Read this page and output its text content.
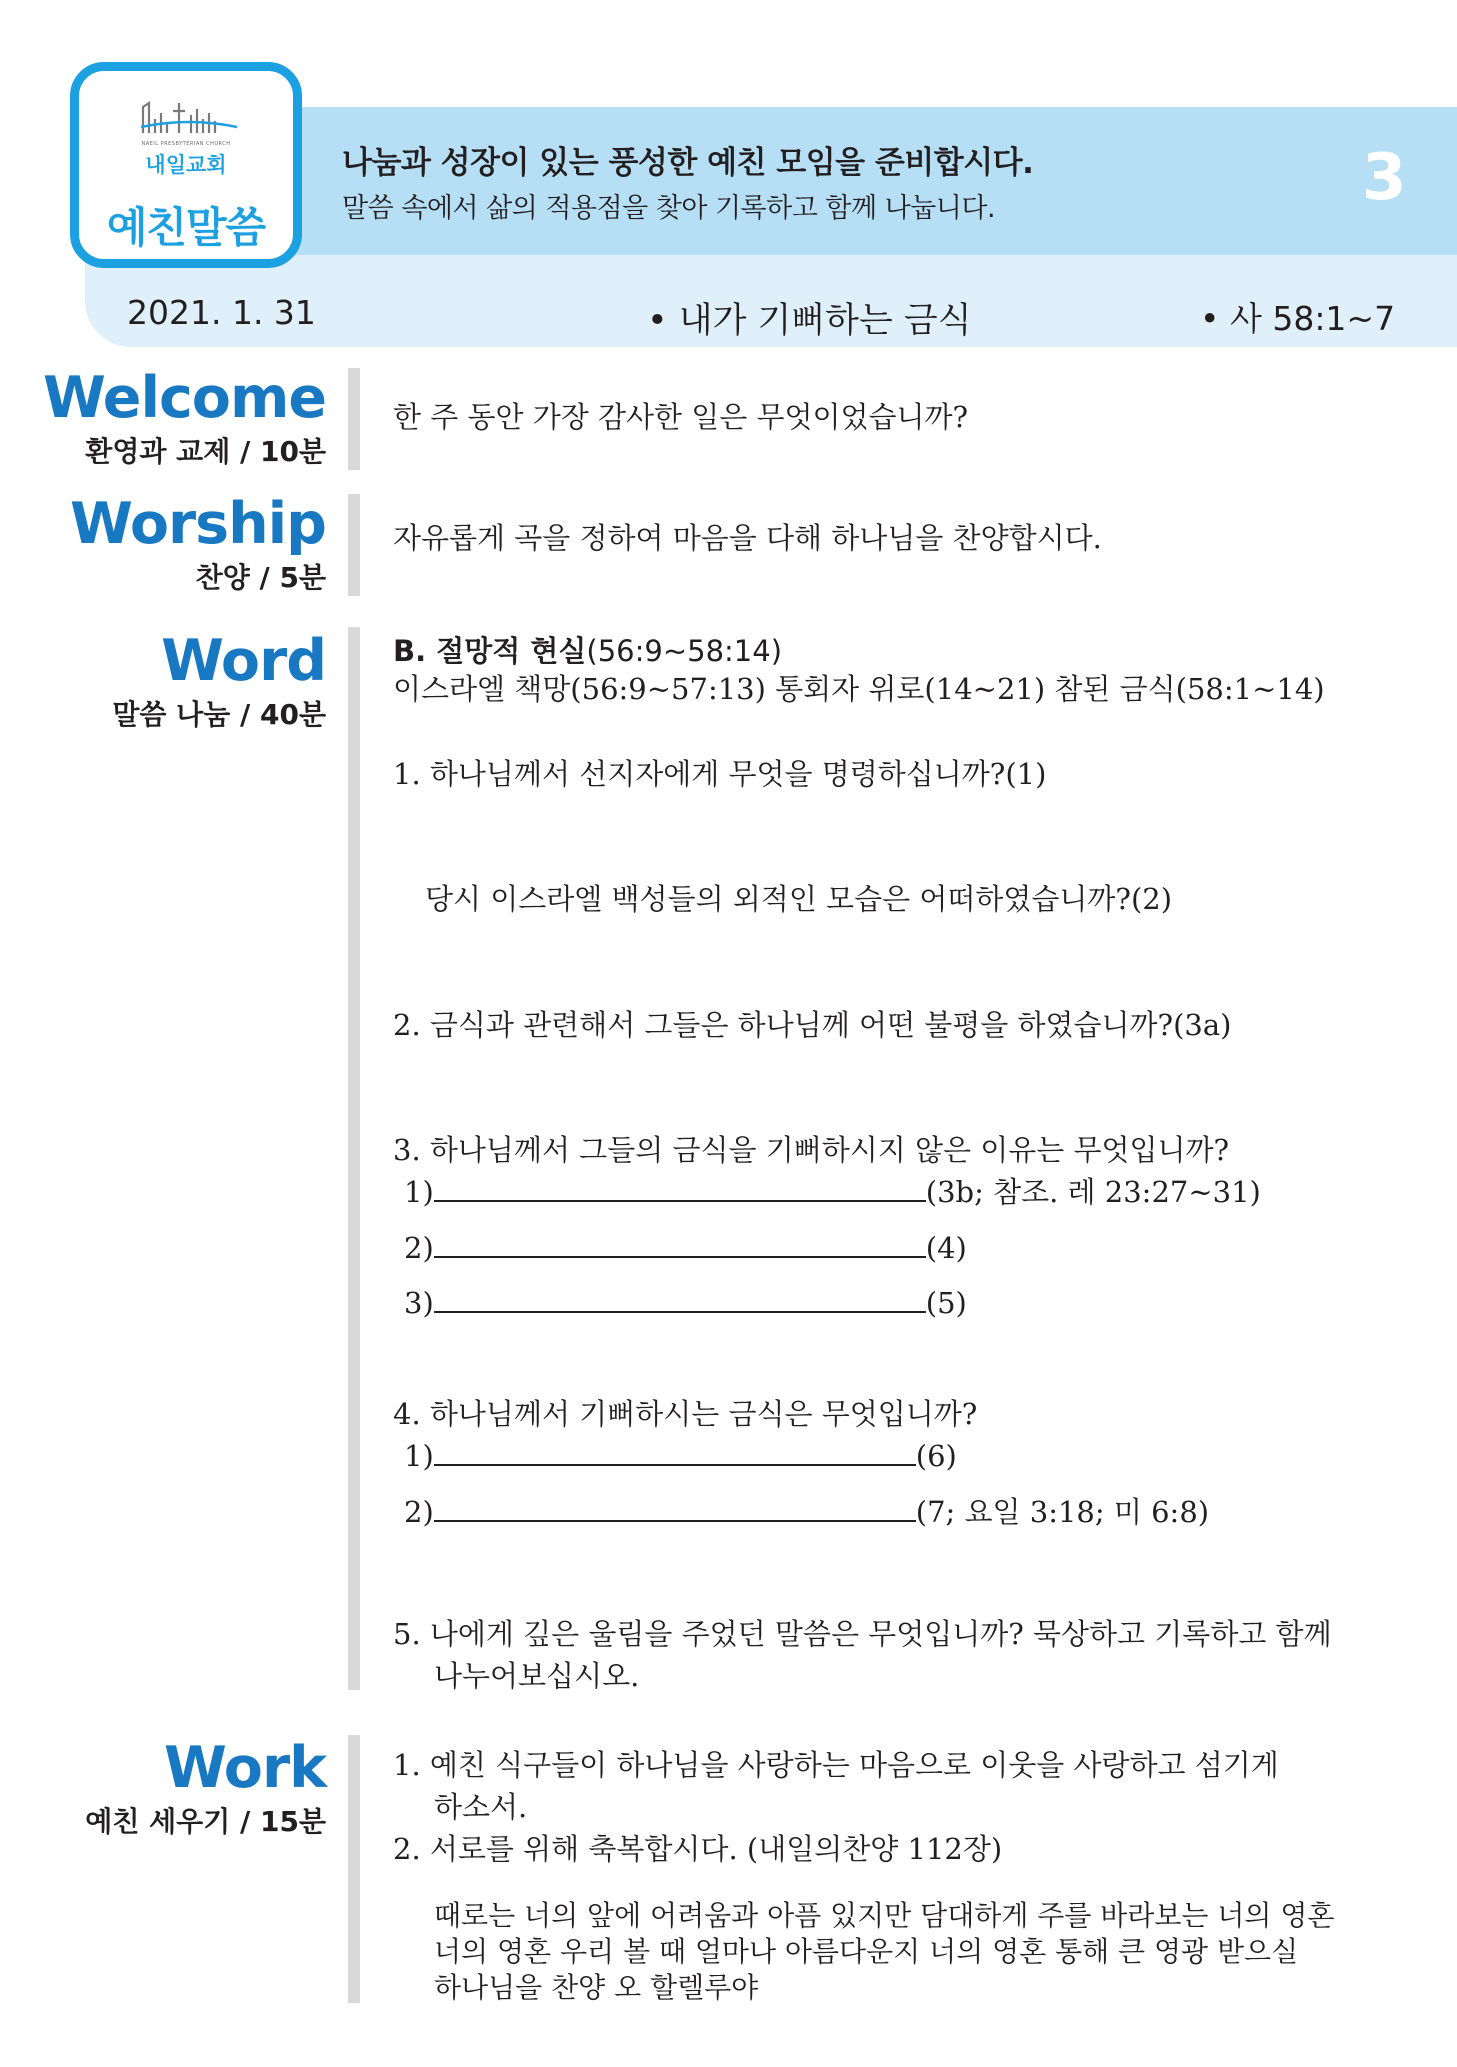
NAEIL PRESBYTERIAN CHURCH
내일교회
예친말씀
나눔과 성장이 있는 풍성한 예친 모임을 준비합시다.
말씀 속에서 삶의 적용점을 찾아 기록하고 함께 나눕니다.	3
2021. 1. 31	• 내가 기뻐하는 금식	• 사 58:1~7
Welcome
환영과 교제 / 10분
한 주 동안 가장 감사한 일은 무엇이었습니까?
Worship
찬양 / 5분
자유롭게 곡을 정하여 마음을 다해 하나님을 찬양합시다.
Word
말씀 나눔 / 40분
B. 절망적 현실(56:9~58:14)
이스라엘 책망(56:9~57:13) 통회자 위로(14~21) 참된 금식(58:1~14)
1. 하나님께서 선지자에게 무엇을 명령하십니까?(1)
당시 이스라엘 백성들의 외적인 모습은 어떠하였습니까?(2)
2. 금식과 관련해서 그들은 하나님께 어떤 불평을 하였습니까?(3a)
3. 하나님께서 그들의 금식을 기뻐하시지 않은 이유는 무엇입니까?
1)	(3b; 참조. 레 23:27~31)
2)	(4)
3)	(5)
4. 하나님께서 기뻐하시는 금식은 무엇입니까?
1)	(6)
2)	(7; 요일 3:18; 미 6:8)
5. 나에게 깊은 울림을 주었던 말씀은 무엇입니까? 묵상하고 기록하고 함께
나누어보십시오.
Work
예친 세우기 / 15분
1. 예친 식구들이 하나님을 사랑하는 마음으로 이웃을 사랑하고 섬기게
하소서.
2. 서로를 위해 축복합시다. (내일의찬양 112장)
때로는 너의 앞에 어려움과 아픔 있지만 담대하게 주를 바라보는 너의 영혼
너의 영혼 우리 볼 때 얼마나 아름다운지 너의 영혼 통해 큰 영광 받으실
하나님을 찬양 오 할렐루야
